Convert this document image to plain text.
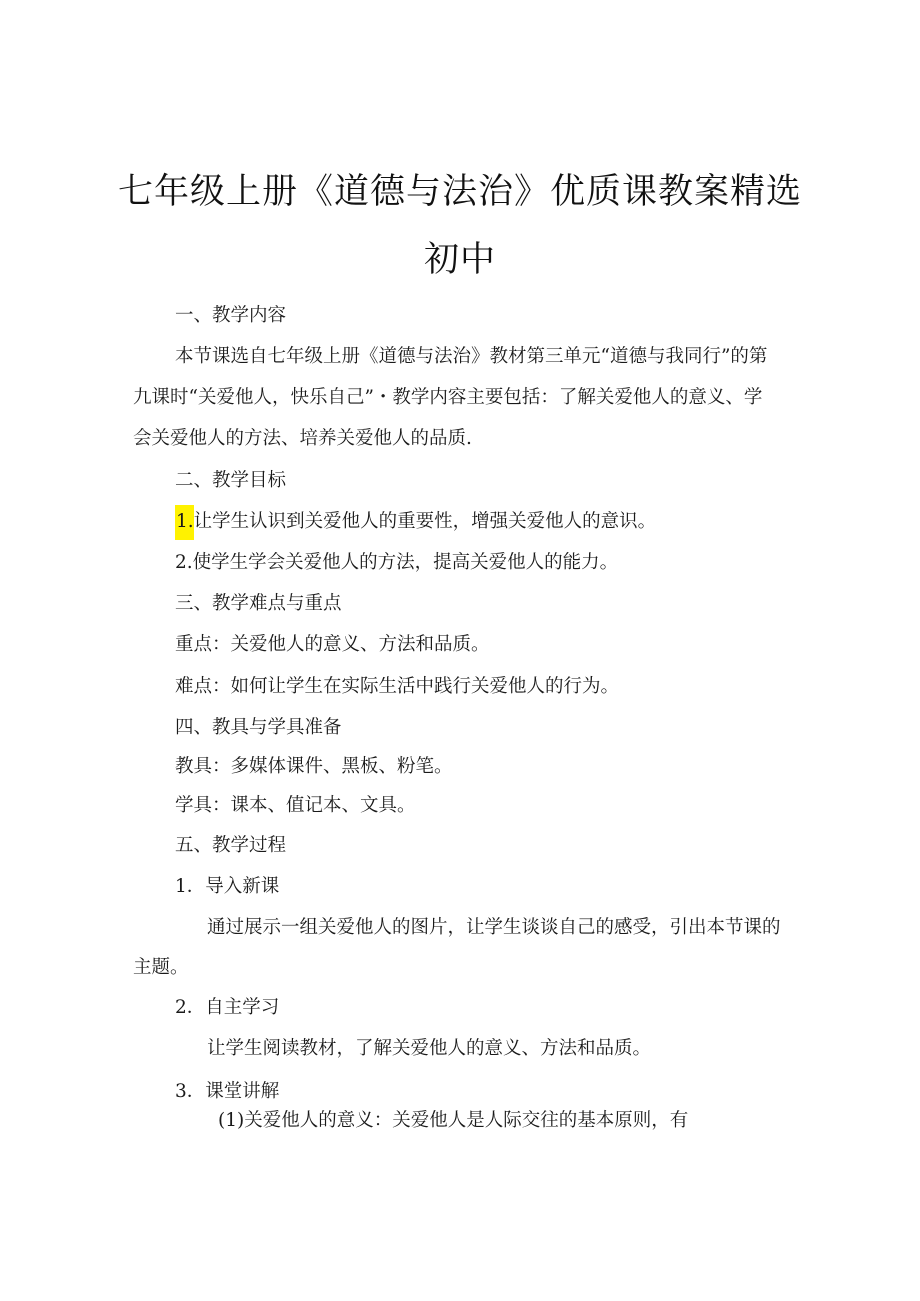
七年级上册《道德与法治》优质课教案精选
初中
一、教学内容
本节课选自七年级上册《道德与法治》教材第三单元“道德与我同行”的第
九课时“关爱他人，快乐自己”・教学内容主要包括：了解关爱他人的意义、学
会关爱他人的方法、培养关爱他人的品质.
二、教学目标
1.让学生认识到关爱他人的重要性，增强关爱他人的意识。
2.使学生学会关爱他人的方法，提高关爱他人的能力。
三、教学难点与重点
重点：关爱他人的意义、方法和品质。
难点：如何让学生在实际生活中践行关爱他人的行为。
四、教具与学具准备
教具：多媒体课件、黑板、粉笔。
学具：课本、值记本、文具。
五、教学过程
1．导入新课
通过展示一组关爱他人的图片，让学生谈谈自己的感受，引出本节课的
主题。
2．自主学习
让学生阅读教材，了解关爱他人的意义、方法和品质。
3．课堂讲解
(1)关爱他人的意义：关爱他人是人际交往的基本原则，有
